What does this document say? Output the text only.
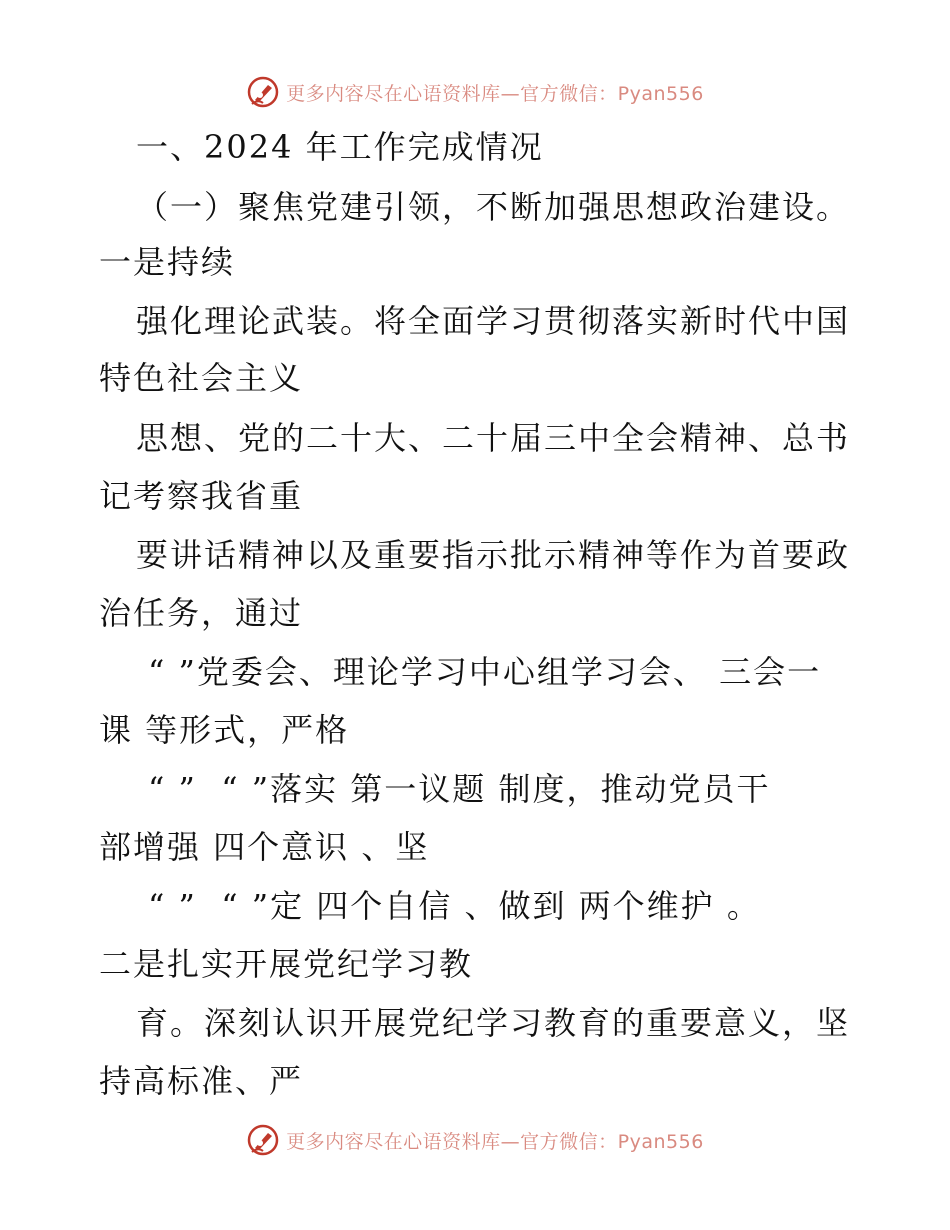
更多内容尽在心语资料库—官方微信：Pyan556
一、2024 年工作完成情况
（一）聚焦党建引领，不断加强思想政治建设。
一是持续
强化理论武装。将全面学习贯彻落实新时代中国
特色社会主义
思想、党的二十大、二十届三中全会精神、总书
记考察我省重
要讲话精神以及重要指示批示精神等作为首要政
治任务，通过
“ ”党委会、理论学习中心组学习会、 三会一
课 等形式，严格
“ ”  “ ”落实 第一议题 制度，推动党员干
部增强 四个意识 、坚
“ ”  “ ”定 四个自信 、做到 两个维护 。
二是扎实开展党纪学习教
育。深刻认识开展党纪学习教育的重要意义，坚
持高标准、严
更多内容尽在心语资料库—官方微信：Pyan556
